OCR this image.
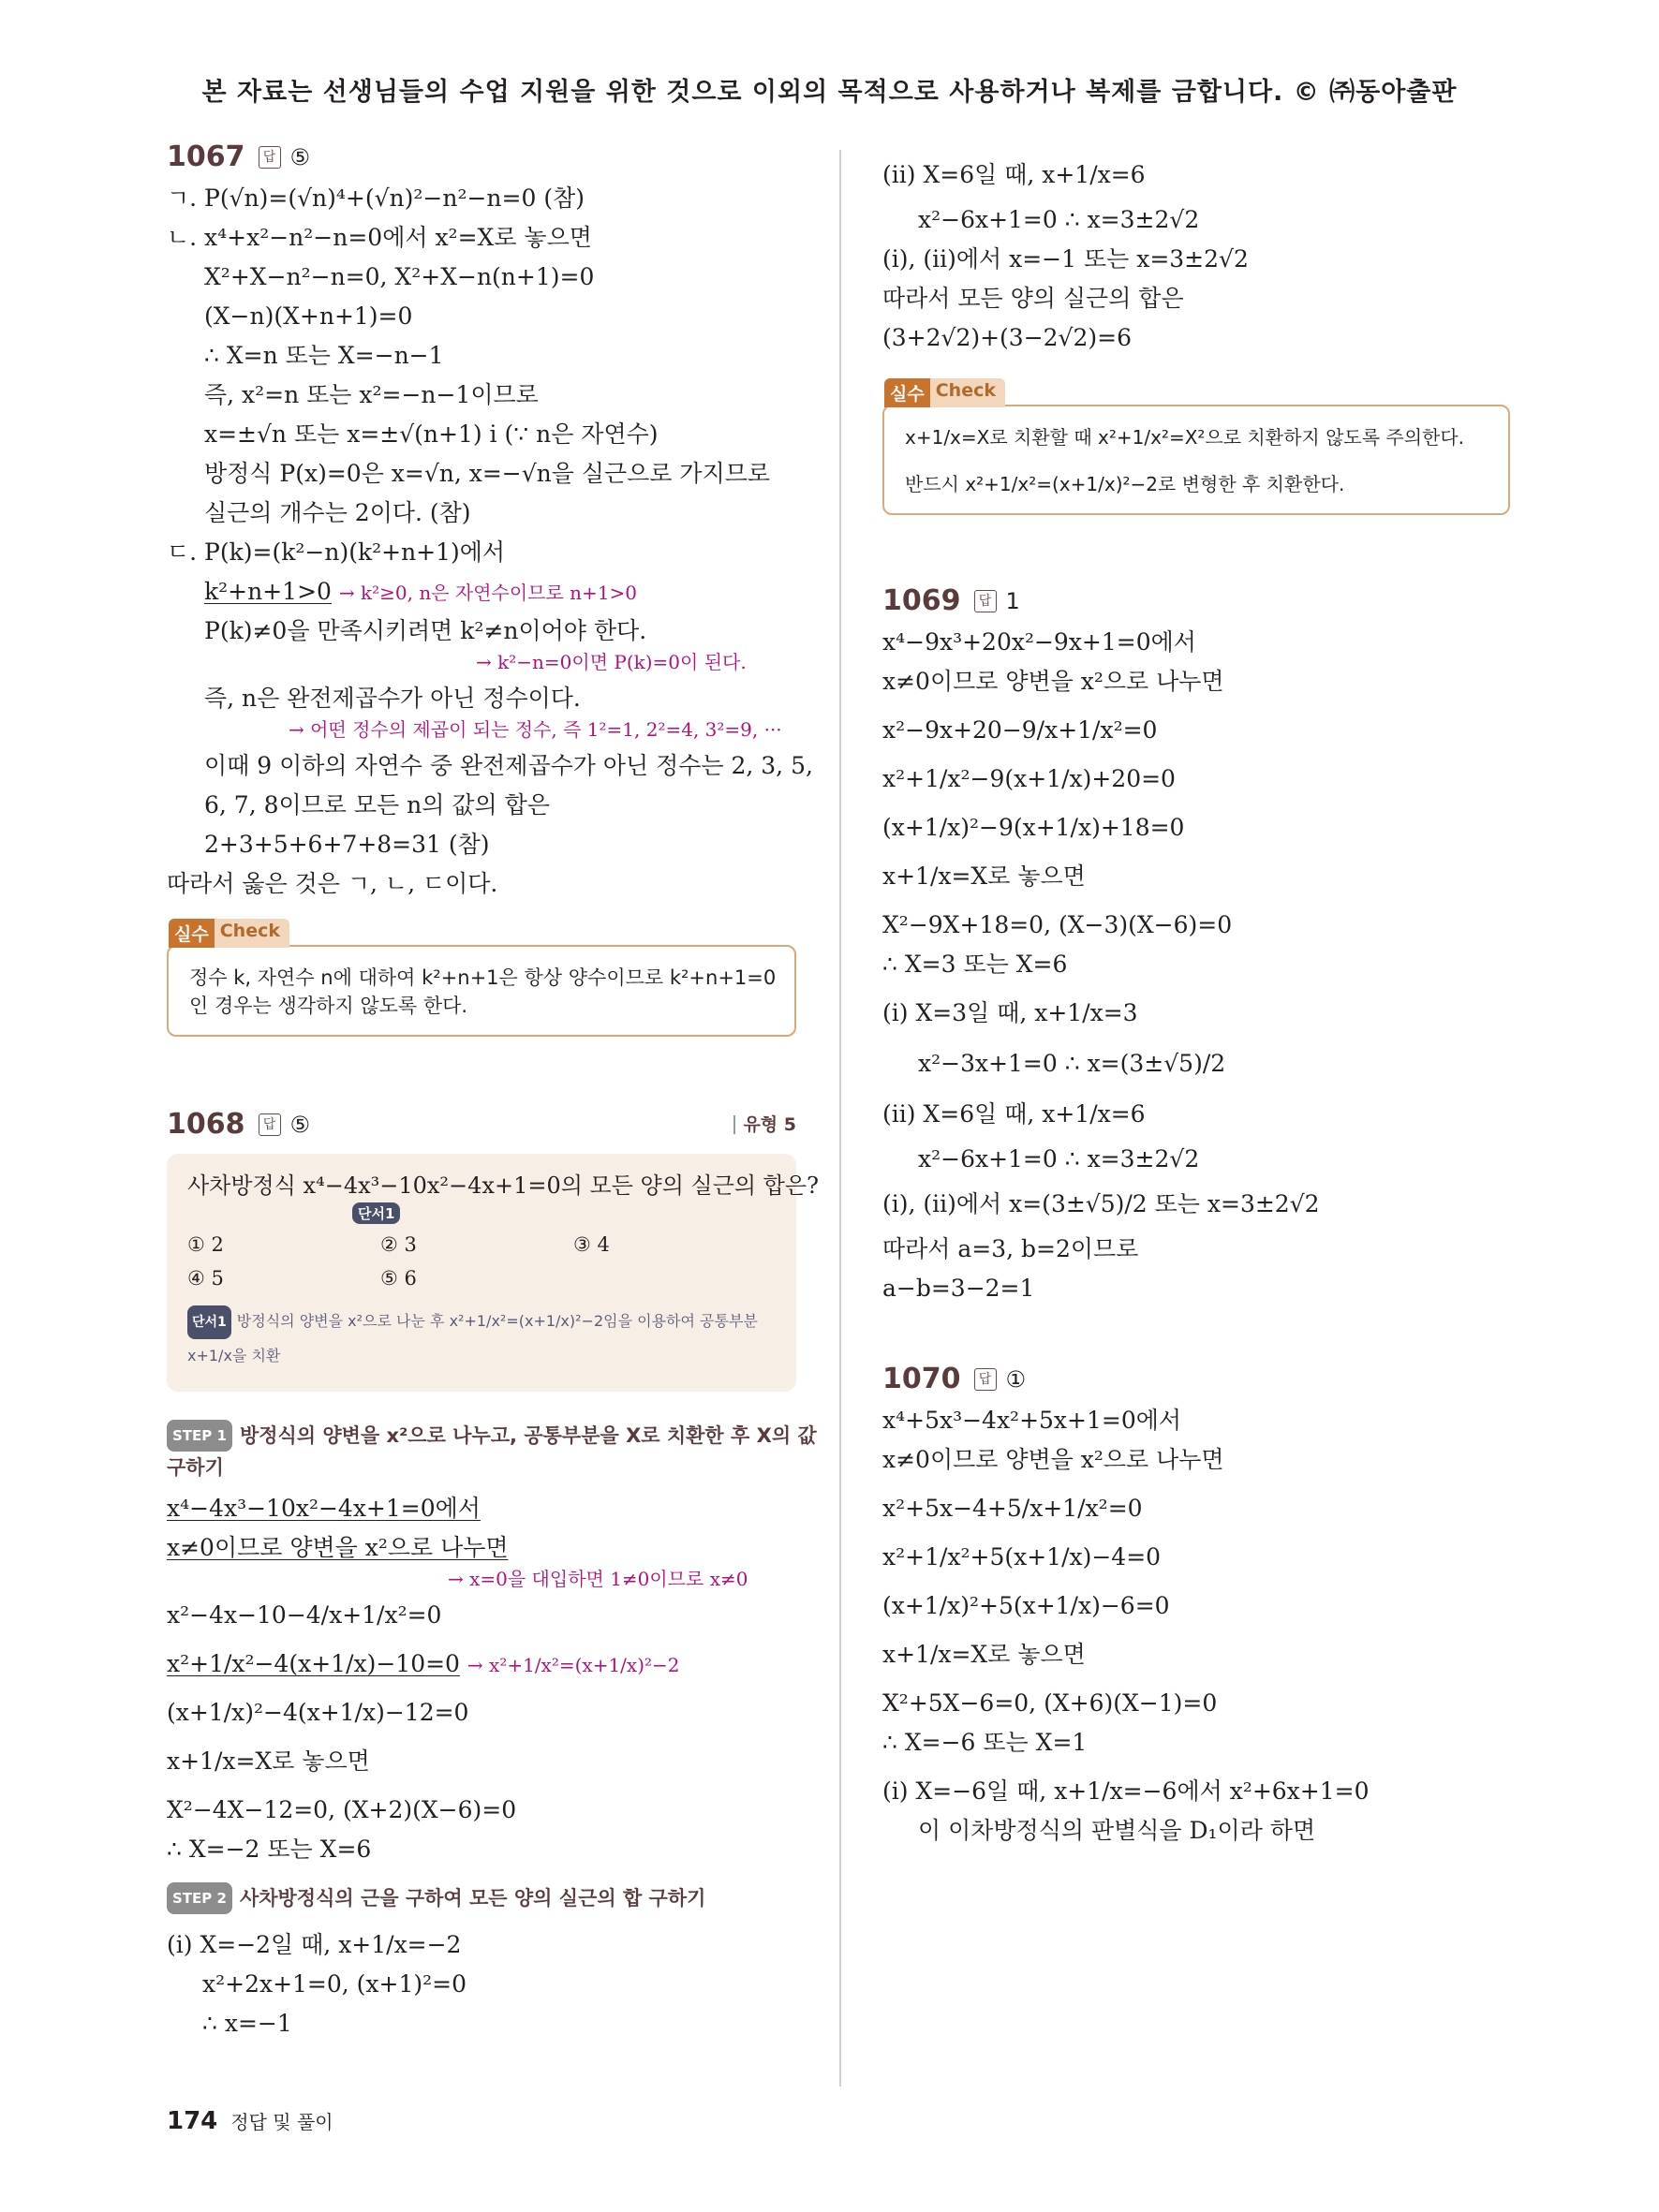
본 자료는 선생님들의 수업 지원을 위한 것으로 이외의 목적으로 사용하거나 복제를 금합니다. © ㈜동아출판
1067	답 ⑤
ㄱ. P(√n)=(√n)⁴+(√n)²−n²−n=0 (참)
ㄴ. x⁴+x²−n²−n=0에서 x²=X로 놓으면
X²+X−n²−n=0, X²+X−n(n+1)=0
(X−n)(X+n+1)=0
∴ X=n 또는 X=−n−1
즉, x²=n 또는 x²=−n−1이므로
x=±√n 또는 x=±√(n+1) i (∵ n은 자연수)
방정식 P(x)=0은 x=√n, x=−√n을 실근으로 가지므로
실근의 개수는 2이다. (참)
ㄷ. P(k)=(k²−n)(k²+n+1)에서
k²+n+1>0 → k²≥0, n은 자연수이므로 n+1>0
P(k)≠0을 만족시키려면 k²≠n이어야 한다.
→ k²−n=0이면 P(k)=0이 된다.
즉, n은 완전제곱수가 아닌 정수이다.
→ 어떤 정수의 제곱이 되는 정수, 즉 1²=1, 2²=4, 3²=9, ···
이때 9 이하의 자연수 중 완전제곱수가 아닌 정수는 2, 3, 5,
6, 7, 8이므로 모든 n의 값의 합은
2+3+5+6+7+8=31 (참)
따라서 옳은 것은 ㄱ, ㄴ, ㄷ이다.
실수 Check
정수 k, 자연수 n에 대하여 k²+n+1은 항상 양수이므로 k²+n+1=0
인 경우는 생각하지 않도록 한다.
1068	답 ⑤	유형 5
사차방정식 x⁴−4x³−10x²−4x+1=0의 모든 양의 실근의 합은?
단서1
① 2	② 3	③ 4
④ 5	⑤ 6
단서1 방정식의 양변을 x²으로 나눈 후 x²+1/x²=(x+1/x)²−2임을 이용하여 공통부분
x+1/x을 치환
STEP 1 방정식의 양변을 x²으로 나누고, 공통부분을 X로 치환한 후 X의 값
구하기
x⁴−4x³−10x²−4x+1=0에서
x≠0이므로 양변을 x²으로 나누면
→ x=0을 대입하면 1≠0이므로 x≠0
x²−4x−10−4/x+1/x²=0
x²+1/x²−4(x+1/x)−10=0 → x²+1/x²=(x+1/x)²−2
(x+1/x)²−4(x+1/x)−12=0
x+1/x=X로 놓으면
X²−4X−12=0, (X+2)(X−6)=0
∴ X=−2 또는 X=6
STEP 2 사차방정식의 근을 구하여 모든 양의 실근의 합 구하기
(i) X=−2일 때, x+1/x=−2
x²+2x+1=0, (x+1)²=0
∴ x=−1
(ii) X=6일 때, x+1/x=6
x²−6x+1=0 ∴ x=3±2√2
(i), (ii)에서 x=−1 또는 x=3±2√2
따라서 모든 양의 실근의 합은
(3+2√2)+(3−2√2)=6
실수 Check
x+1/x=X로 치환할 때 x²+1/x²=X²으로 치환하지 않도록 주의한다.
반드시 x²+1/x²=(x+1/x)²−2로 변형한 후 치환한다.
1069	답 1
x⁴−9x³+20x²−9x+1=0에서
x≠0이므로 양변을 x²으로 나누면
x²−9x+20−9/x+1/x²=0
x²+1/x²−9(x+1/x)+20=0
(x+1/x)²−9(x+1/x)+18=0
x+1/x=X로 놓으면
X²−9X+18=0, (X−3)(X−6)=0
∴ X=3 또는 X=6
(i) X=3일 때, x+1/x=3
x²−3x+1=0 ∴ x=(3±√5)/2
(ii) X=6일 때, x+1/x=6
x²−6x+1=0 ∴ x=3±2√2
(i), (ii)에서 x=(3±√5)/2 또는 x=3±2√2
따라서 a=3, b=2이므로
a−b=3−2=1
1070	답 ①
x⁴+5x³−4x²+5x+1=0에서
x≠0이므로 양변을 x²으로 나누면
x²+5x−4+5/x+1/x²=0
x²+1/x²+5(x+1/x)−4=0
(x+1/x)²+5(x+1/x)−6=0
x+1/x=X로 놓으면
X²+5X−6=0, (X+6)(X−1)=0
∴ X=−6 또는 X=1
(i) X=−6일 때, x+1/x=−6에서 x²+6x+1=0
이 이차방정식의 판별식을 D₁이라 하면
174 정답 및 풀이
